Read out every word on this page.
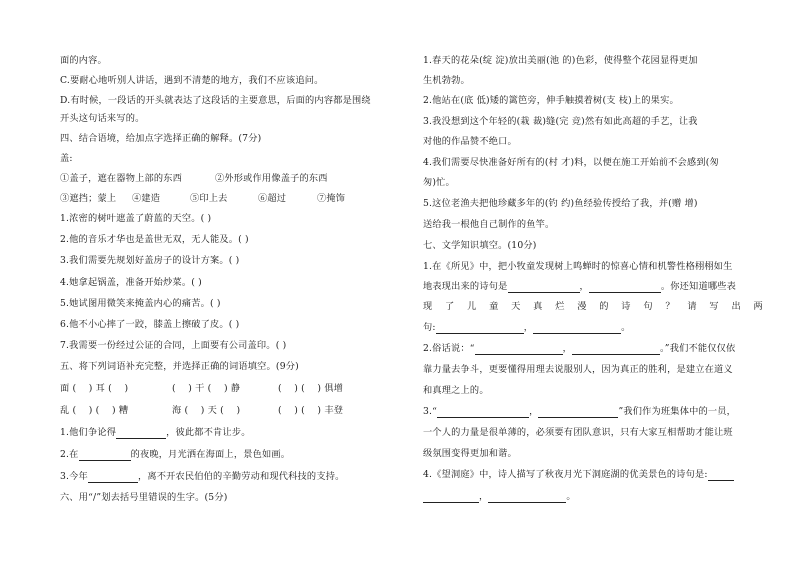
面的内容。
C.要耐心地听别人讲话，遇到不清楚的地方，我们不应该追问。
D.有时候，一段话的开头就表达了这段话的主要意思，后面的内容都是围绕
开头这句话来写的。
四、结合语境，给加点字选择正确的解释。(7分)
盖:
①盖子，遮在器物上部的东西	②外形或作用像盖子的东西
③遮挡；蒙上 ④建造	⑤印上去	⑥超过	⑦掩饰
1.浓密的树叶遮盖了蔚蓝的天空。( )
2.他的音乐才华也是盖世无双，无人能及。( )
3.我们需要先规划好盖房子的设计方案。( )
4.她拿起锅盖，准备开始炒菜。( )
5.她试图用微笑来掩盖内心的痛苦。( )
6.他不小心摔了一跤，膝盖上擦破了皮。( )
7.我需要一份经过公证的合同，上面要有公司盖印。( )
五、将下列词语补充完整，并选择正确的词语填空。(9分)
面 (    ) 耳 (    )	(    ) 干 (    ) 静	(    ) (    ) 俱增
乱 (    ) (    ) 糟	海 (    ) 天 (    )	(    ) (    ) 丰登
1.他们争论得	，彼此都不肯让步。
2.在	的夜晚，月光洒在海面上，景色如画。
3.今年	，离不开农民伯伯的辛勤劳动和现代科技的支持。
六、用“/”划去括号里错误的生字。(5分)
1.春天的花朵(绽 淀)放出美丽(池 的)色彩，使得整个花园显得更加
生机勃勃。
2.他站在(底 低)矮的篱笆旁，伸手触摸着树(支 枝)上的果实。
3.我没想到这个年轻的(栽 裁)缝(完 竞)然有如此高超的手艺，让我
对他的作品赞不绝口。
4.我们需要尽快准备好所有的(村 才)料，以便在施工开始前不会感到(匆
匆)忙。
5.这位老渔夫把他珍藏多年的(钓 约)鱼经验传授给了我，并(赠 增)
送给我一根他自己制作的鱼竿。
七、文学知识填空。(10分)
1.在《所见》中，把小牧童发现树上鸣蝉时的惊喜心情和机警性格栩栩如生
地表现出来的诗句是	，	。你还知道哪些表
现 了 儿 童 天 真 烂 漫 的 诗 句 ？ 请 写 出 两
句:	，	。
2.俗话说：“	，	。”我们不能仅仅依
靠力量去争斗，更要懂得用理去说服别人，因为真正的胜利，是建立在道义
和真理之上的。
3.“	，	”我们作为班集体中的一员，
一个人的力量是很单薄的，必须要有团队意识，只有大家互相帮助才能让班
级氛围变得更加和谐。
4.《望洞庭》中，诗人描写了秋夜月光下洞庭湖的优美景色的诗句是:
，	。
